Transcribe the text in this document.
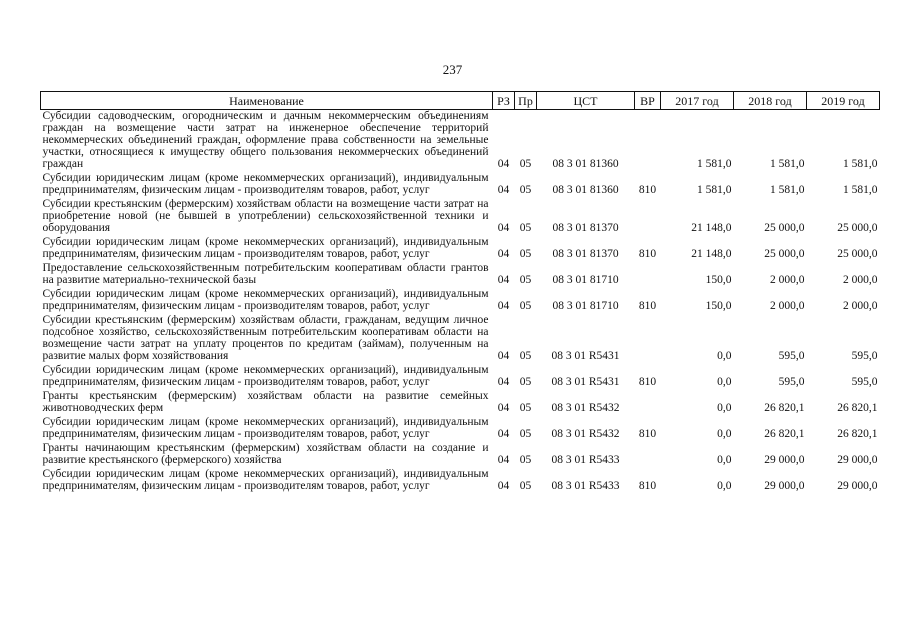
237
Наименование	РЗ	Пр	ЦСТ	ВР	2017 год	2018 год	2019 год
Субсидии садоводческим, огородническим и дачным некоммерческим объединениям граждан на возмещение части затрат на инженерное обеспечение территорий некоммерческих объединений граждан, оформление права собственности на земельные участки, относящиеся к имуществу общего пользования некоммерческих объединений граждан	04	05	08 3 01 81360		1 581,0	1 581,0	1 581,0
Субсидии юридическим лицам (кроме некоммерческих организаций), индивидуальным предпринимателям, физическим лицам - производителям товаров, работ, услуг	04	05	08 3 01 81360	810	1 581,0	1 581,0	1 581,0
Субсидии крестьянским (фермерским) хозяйствам области на возмещение части затрат на приобретение новой (не бывшей в употреблении) сельскохозяйственной техники и оборудования	04	05	08 3 01 81370		21 148,0	25 000,0	25 000,0
Субсидии юридическим лицам (кроме некоммерческих организаций), индивидуальным предпринимателям, физическим лицам - производителям товаров, работ, услуг	04	05	08 3 01 81370	810	21 148,0	25 000,0	25 000,0
Предоставление сельскохозяйственным потребительским кооперативам области грантов на развитие материально-технической базы	04	05	08 3 01 81710		150,0	2 000,0	2 000,0
Субсидии юридическим лицам (кроме некоммерческих организаций), индивидуальным предпринимателям, физическим лицам - производителям товаров, работ, услуг	04	05	08 3 01 81710	810	150,0	2 000,0	2 000,0
Субсидии крестьянским (фермерским) хозяйствам области, гражданам, ведущим личное подсобное хозяйство, сельскохозяйственным потребительским кооперативам области на возмещение части затрат на уплату процентов по кредитам (займам), полученным на развитие малых форм хозяйствования	04	05	08 3 01 R5431		0,0	595,0	595,0
Субсидии юридическим лицам (кроме некоммерческих организаций), индивидуальным предпринимателям, физическим лицам - производителям товаров, работ, услуг	04	05	08 3 01 R5431	810	0,0	595,0	595,0
Гранты крестьянским (фермерским) хозяйствам области на развитие семейных животноводческих ферм	04	05	08 3 01 R5432		0,0	26 820,1	26 820,1
Субсидии юридическим лицам (кроме некоммерческих организаций), индивидуальным предпринимателям, физическим лицам - производителям товаров, работ, услуг	04	05	08 3 01 R5432	810	0,0	26 820,1	26 820,1
Гранты начинающим крестьянским (фермерским) хозяйствам области на создание и развитие крестьянского (фермерского) хозяйства	04	05	08 3 01 R5433		0,0	29 000,0	29 000,0
Субсидии юридическим лицам (кроме некоммерческих организаций), индивидуальным предпринимателям, физическим лицам - производителям товаров, работ, услуг	04	05	08 3 01 R5433	810	0,0	29 000,0	29 000,0
